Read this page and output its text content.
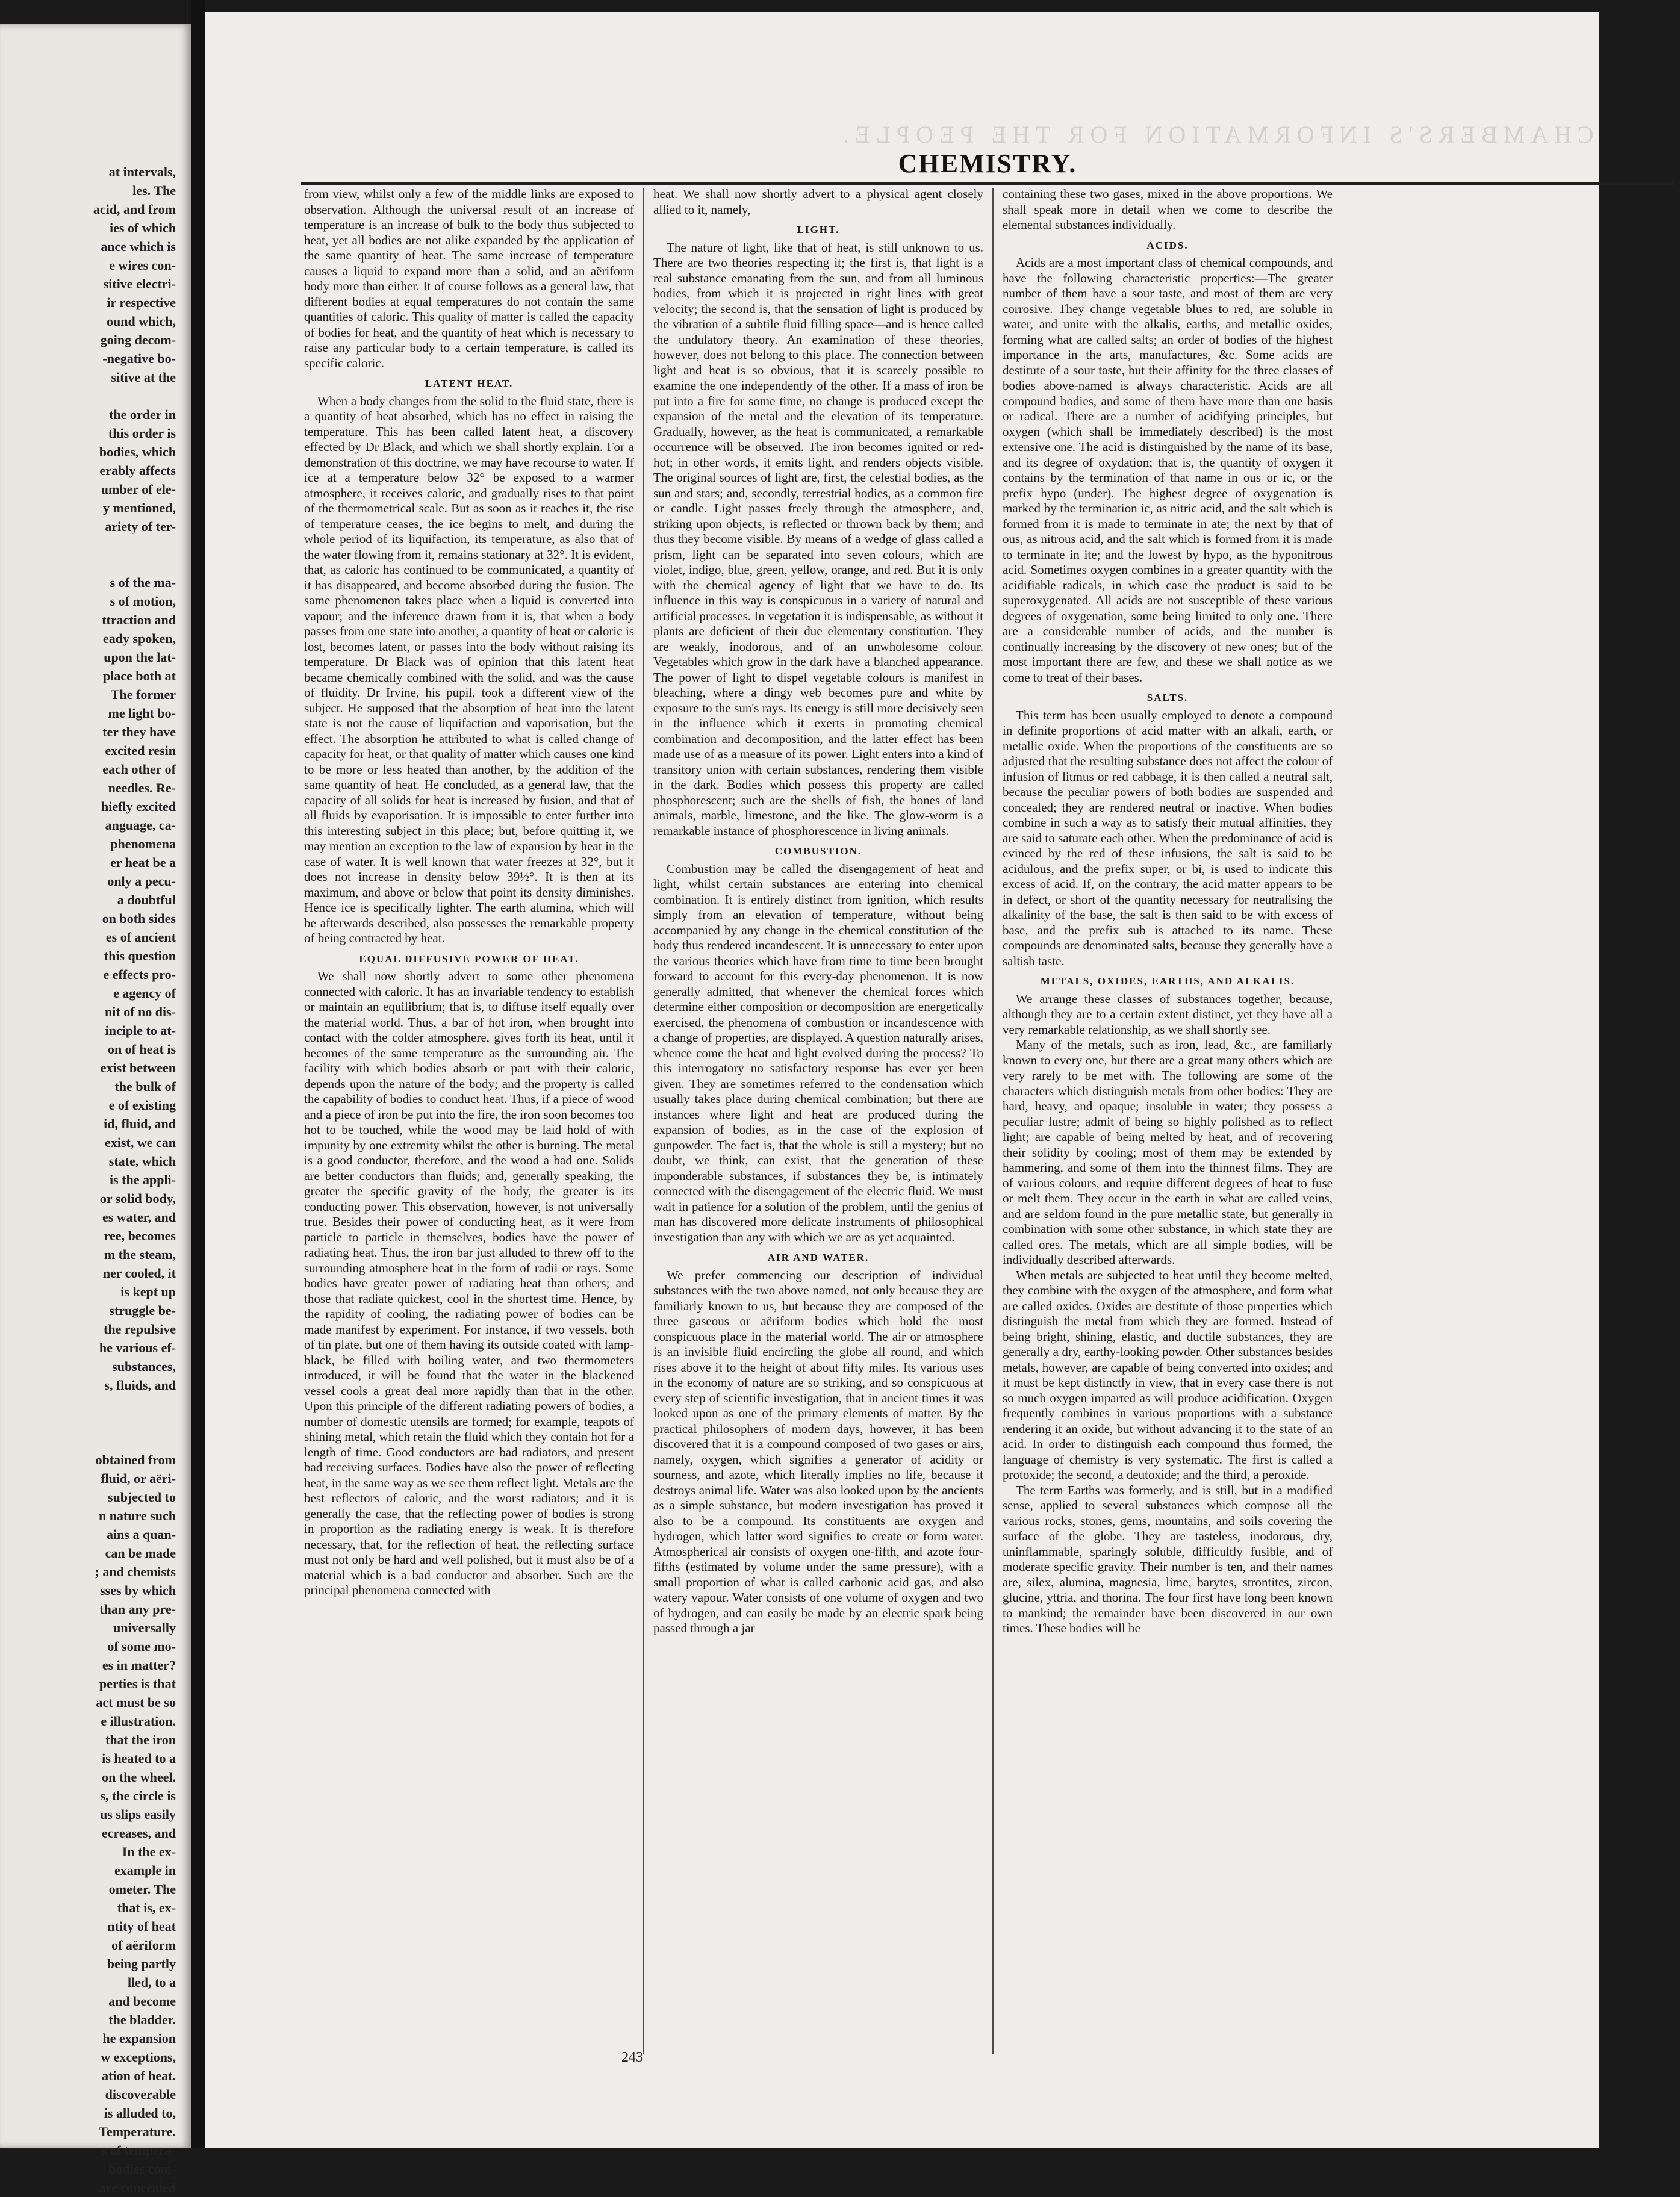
at intervals,
les. The
acid, and from
ies of which
ance which is
e wires con-
sitive electri-
ir respective
ound which,
going decom-
-negative bo-
sitive at the

the order in
this order is
bodies, which
erably affects
umber of ele-
y mentioned,
ariety of ter-

s of the ma-
s of motion,
ttraction and
eady spoken,
upon the lat-
place both at
The former
me light bo-
ter they have
excited resin
each other of
needles. Re-
hiefly excited
anguage, ca-
phenomena
er heat be a
only a pecu-
a doubtful
on both sides
es of ancient
this question
e effects pro-
e agency of
nit of no dis-
inciple to at-
on of heat is
exist between
the bulk of
e of existing
id, fluid, and
exist, we can
state, which
is the appli-
or solid body,
es water, and
ree, becomes
m the steam,
ner cooled, it
is kept up
struggle be-
the repulsive
he various ef-
substances,
s, fluids, and

obtained from
fluid, or aëri-
subjected to
n nature such
ains a quan-
can be made
; and chemists
sses by which
than any pre-
universally
of some mo-
es in matter?
perties is that
act must be so
e illustration.
that the iron
is heated to a
on the wheel.
s, the circle is
us slips easily
ecreases, and
In the ex-
example in
ometer. The
that is, ex-
ntity of heat
of aëriform
being partly
lled, to a
and become
the bladder.
he expansion
w exceptions,
ation of heat.
discoverable
is alluded to,
Temperature.
s of tempera-
bodies com-
are concealed
CHAMBERS'S INFORMATION FOR THE PEOPLE.
CHEMISTRY.

from view, whilst only a few of the middle links are exposed to observation. Although the universal result of an increase of temperature is an increase of bulk to the body thus subjected to heat, yet all bodies are not alike expanded by the application of the same quantity of heat. The same increase of temperature causes a liquid to expand more than a solid, and an aëriform body more than either. It of course follows as a general law, that different bodies at equal temperatures do not contain the same quantities of caloric. This quality of matter is called the capacity of bodies for heat, and the quantity of heat which is necessary to raise any particular body to a certain temperature, is called its specific caloric.

LATENT HEAT.

When a body changes from the solid to the fluid state, there is a quantity of heat absorbed, which has no effect in raising the temperature. This has been called latent heat, a discovery effected by Dr Black, and which we shall shortly explain. For a demonstration of this doctrine, we may have recourse to water. If ice at a temperature below 32° be exposed to a warmer atmosphere, it receives caloric, and gradually rises to that point of the thermometrical scale. But as soon as it reaches it, the rise of temperature ceases, the ice begins to melt, and during the whole period of its liquifaction, its temperature, as also that of the water flowing from it, remains stationary at 32°. It is evident, that, as caloric has continued to be communicated, a quantity of it has disappeared, and become absorbed during the fusion. The same phenomenon takes place when a liquid is converted into vapour; and the inference drawn from it is, that when a body passes from one state into another, a quantity of heat or caloric is lost, becomes latent, or passes into the body without raising its temperature. Dr Black was of opinion that this latent heat became chemically combined with the solid, and was the cause of fluidity. Dr Irvine, his pupil, took a different view of the subject. He supposed that the absorption of heat into the latent state is not the cause of liquifaction and vaporisation, but the effect. The absorption he attributed to what is called change of capacity for heat, or that quality of matter which causes one kind to be more or less heated than another, by the addition of the same quantity of heat. He concluded, as a general law, that the capacity of all solids for heat is increased by fusion, and that of all fluids by evaporisation. It is impossible to enter further into this interesting subject in this place; but, before quitting it, we may mention an exception to the law of expansion by heat in the case of water. It is well known that water freezes at 32°, but it does not increase in density below 39½°. It is then at its maximum, and above or below that point its density diminishes. Hence ice is specifically lighter. The earth alumina, which will be afterwards described, also possesses the remarkable property of being contracted by heat.

EQUAL DIFFUSIVE POWER OF HEAT.

We shall now shortly advert to some other phenomena connected with caloric. It has an invariable tendency to establish or maintain an equilibrium; that is, to diffuse itself equally over the material world. Thus, a bar of hot iron, when brought into contact with the colder atmosphere, gives forth its heat, until it becomes of the same temperature as the surrounding air. The facility with which bodies absorb or part with their caloric, depends upon the nature of the body; and the property is called the capability of bodies to conduct heat. Thus, if a piece of wood and a piece of iron be put into the fire, the iron soon becomes too hot to be touched, while the wood may be laid hold of with impunity by one extremity whilst the other is burning. The metal is a good conductor, therefore, and the wood a bad one. Solids are better conductors than fluids; and, generally speaking, the greater the specific gravity of the body, the greater is its conducting power. This observation, however, is not universally true. Besides their power of conducting heat, as it were from particle to particle in themselves, bodies have the power of radiating heat. Thus, the iron bar just alluded to threw off to the surrounding atmosphere heat in the form of radii or rays. Some bodies have greater power of radiating heat than others; and those that radiate quickest, cool in the shortest time. Hence, by the rapidity of cooling, the radiating power of bodies can be made manifest by experiment. For instance, if two vessels, both of tin plate, but one of them having its outside coated with lamp-black, be filled with boiling water, and two thermometers introduced, it will be found that the water in the blackened vessel cools a great deal more rapidly than that in the other. Upon this principle of the different radiating powers of bodies, a number of domestic utensils are formed; for example, teapots of shining metal, which retain the fluid which they contain hot for a length of time. Good conductors are bad radiators, and present bad receiving surfaces. Bodies have also the power of reflecting heat, in the same way as we see them reflect light. Metals are the best reflectors of caloric, and the worst radiators; and it is generally the case, that the reflecting power of bodies is strong in proportion as the radiating energy is weak. It is therefore necessary, that, for the reflection of heat, the reflecting surface must not only be hard and well polished, but it must also be of a material which is a bad conductor and absorber. Such are the principal phenomena connected with

heat. We shall now shortly advert to a physical agent closely allied to it, namely,

LIGHT.

The nature of light, like that of heat, is still unknown to us. There are two theories respecting it; the first is, that light is a real substance emanating from the sun, and from all luminous bodies, from which it is projected in right lines with great velocity; the second is, that the sensation of light is produced by the vibration of a subtile fluid filling space—and is hence called the undulatory theory. An examination of these theories, however, does not belong to this place. The connection between light and heat is so obvious, that it is scarcely possible to examine the one independently of the other. If a mass of iron be put into a fire for some time, no change is produced except the expansion of the metal and the elevation of its temperature. Gradually, however, as the heat is communicated, a remarkable occurrence will be observed. The iron becomes ignited or red-hot; in other words, it emits light, and renders objects visible. The original sources of light are, first, the celestial bodies, as the sun and stars; and, secondly, terrestrial bodies, as a common fire or candle. Light passes freely through the atmosphere, and, striking upon objects, is reflected or thrown back by them; and thus they become visible. By means of a wedge of glass called a prism, light can be separated into seven colours, which are violet, indigo, blue, green, yellow, orange, and red. But it is only with the chemical agency of light that we have to do. Its influence in this way is conspicuous in a variety of natural and artificial processes. In vegetation it is indispensable, as without it plants are deficient of their due elementary constitution. They are weakly, inodorous, and of an unwholesome colour. Vegetables which grow in the dark have a blanched appearance. The power of light to dispel vegetable colours is manifest in bleaching, where a dingy web becomes pure and white by exposure to the sun's rays. Its energy is still more decisively seen in the influence which it exerts in promoting chemical combination and decomposition, and the latter effect has been made use of as a measure of its power. Light enters into a kind of transitory union with certain substances, rendering them visible in the dark. Bodies which possess this property are called phosphorescent; such are the shells of fish, the bones of land animals, marble, limestone, and the like. The glow-worm is a remarkable instance of phosphorescence in living animals.

COMBUSTION.

Combustion may be called the disengagement of heat and light, whilst certain substances are entering into chemical combination. It is entirely distinct from ignition, which results simply from an elevation of temperature, without being accompanied by any change in the chemical constitution of the body thus rendered incandescent. It is unnecessary to enter upon the various theories which have from time to time been brought forward to account for this every-day phenomenon. It is now generally admitted, that whenever the chemical forces which determine either composition or decomposition are energetically exercised, the phenomena of combustion or incandescence with a change of properties, are displayed. A question naturally arises, whence come the heat and light evolved during the process? To this interrogatory no satisfactory response has ever yet been given. They are sometimes referred to the condensation which usually takes place during chemical combination; but there are instances where light and heat are produced during the expansion of bodies, as in the case of the explosion of gunpowder. The fact is, that the whole is still a mystery; but no doubt, we think, can exist, that the generation of these imponderable substances, if substances they be, is intimately connected with the disengagement of the electric fluid. We must wait in patience for a solution of the problem, until the genius of man has discovered more delicate instruments of philosophical investigation than any with which we are as yet acquainted.

AIR AND WATER.

We prefer commencing our description of individual substances with the two above named, not only because they are familiarly known to us, but because they are composed of the three gaseous or aëriform bodies which hold the most conspicuous place in the material world. The air or atmosphere is an invisible fluid encircling the globe all round, and which rises above it to the height of about fifty miles. Its various uses in the economy of nature are so striking, and so conspicuous at every step of scientific investigation, that in ancient times it was looked upon as one of the primary elements of matter. By the practical philosophers of modern days, however, it has been discovered that it is a compound composed of two gases or airs, namely, oxygen, which signifies a generator of acidity or sourness, and azote, which literally implies no life, because it destroys animal life. Water was also looked upon by the ancients as a simple substance, but modern investigation has proved it also to be a compound. Its constituents are oxygen and hydrogen, which latter word signifies to create or form water. Atmospherical air consists of oxygen one-fifth, and azote four-fifths (estimated by volume under the same pressure), with a small proportion of what is called carbonic acid gas, and also watery vapour. Water consists of one volume of oxygen and two of hydrogen, and can easily be made by an electric spark being passed through a jar

containing these two gases, mixed in the above proportions. We shall speak more in detail when we come to describe the elemental substances individually.

ACIDS.

Acids are a most important class of chemical compounds, and have the following characteristic properties:—The greater number of them have a sour taste, and most of them are very corrosive. They change vegetable blues to red, are soluble in water, and unite with the alkalis, earths, and metallic oxides, forming what are called salts; an order of bodies of the highest importance in the arts, manufactures, &c. Some acids are destitute of a sour taste, but their affinity for the three classes of bodies above-named is always characteristic. Acids are all compound bodies, and some of them have more than one basis or radical. There are a number of acidifying principles, but oxygen (which shall be immediately described) is the most extensive one. The acid is distinguished by the name of its base, and its degree of oxydation; that is, the quantity of oxygen it contains by the termination of that name in ous or ic, or the prefix hypo (under). The highest degree of oxygenation is marked by the termination ic, as nitric acid, and the salt which is formed from it is made to terminate in ate; the next by that of ous, as nitrous acid, and the salt which is formed from it is made to terminate in ite; and the lowest by hypo, as the hyponitrous acid. Sometimes oxygen combines in a greater quantity with the acidifiable radicals, in which case the product is said to be superoxygenated. All acids are not susceptible of these various degrees of oxygenation, some being limited to only one. There are a considerable number of acids, and the number is continually increasing by the discovery of new ones; but of the most important there are few, and these we shall notice as we come to treat of their bases.

SALTS.

This term has been usually employed to denote a compound in definite proportions of acid matter with an alkali, earth, or metallic oxide. When the proportions of the constituents are so adjusted that the resulting substance does not affect the colour of infusion of litmus or red cabbage, it is then called a neutral salt, because the peculiar powers of both bodies are suspended and concealed; they are rendered neutral or inactive. When bodies combine in such a way as to satisfy their mutual affinities, they are said to saturate each other. When the predominance of acid is evinced by the red of these infusions, the salt is said to be acidulous, and the prefix super, or bi, is used to indicate this excess of acid. If, on the contrary, the acid matter appears to be in defect, or short of the quantity necessary for neutralising the alkalinity of the base, the salt is then said to be with excess of base, and the prefix sub is attached to its name. These compounds are denominated salts, because they generally have a saltish taste.

METALS, OXIDES, EARTHS, AND ALKALIS.

We arrange these classes of substances together, because, although they are to a certain extent distinct, yet they have all a very remarkable relationship, as we shall shortly see.

Many of the metals, such as iron, lead, &c., are familiarly known to every one, but there are a great many others which are very rarely to be met with. The following are some of the characters which distinguish metals from other bodies: They are hard, heavy, and opaque; insoluble in water; they possess a peculiar lustre; admit of being so highly polished as to reflect light; are capable of being melted by heat, and of recovering their solidity by cooling; most of them may be extended by hammering, and some of them into the thinnest films. They are of various colours, and require different degrees of heat to fuse or melt them. They occur in the earth in what are called veins, and are seldom found in the pure metallic state, but generally in combination with some other substance, in which state they are called ores. The metals, which are all simple bodies, will be individually described afterwards.

When metals are subjected to heat until they become melted, they combine with the oxygen of the atmosphere, and form what are called oxides. Oxides are destitute of those properties which distinguish the metal from which they are formed. Instead of being bright, shining, elastic, and ductile substances, they are generally a dry, earthy-looking powder. Other substances besides metals, however, are capable of being converted into oxides; and it must be kept distinctly in view, that in every case there is not so much oxygen imparted as will produce acidification. Oxygen frequently combines in various proportions with a substance rendering it an oxide, but without advancing it to the state of an acid. In order to distinguish each compound thus formed, the language of chemistry is very systematic. The first is called a protoxide; the second, a deutoxide; and the third, a peroxide.

The term Earths was formerly, and is still, but in a modified sense, applied to several substances which compose all the various rocks, stones, gems, mountains, and soils covering the surface of the globe. They are tasteless, inodorous, dry, uninflammable, sparingly soluble, difficultly fusible, and of moderate specific gravity. Their number is ten, and their names are, silex, alumina, magnesia, lime, barytes, strontites, zircon, glucine, yttria, and thorina. The four first have long been known to mankind; the remainder have been discovered in our own times. These bodies will be

243
